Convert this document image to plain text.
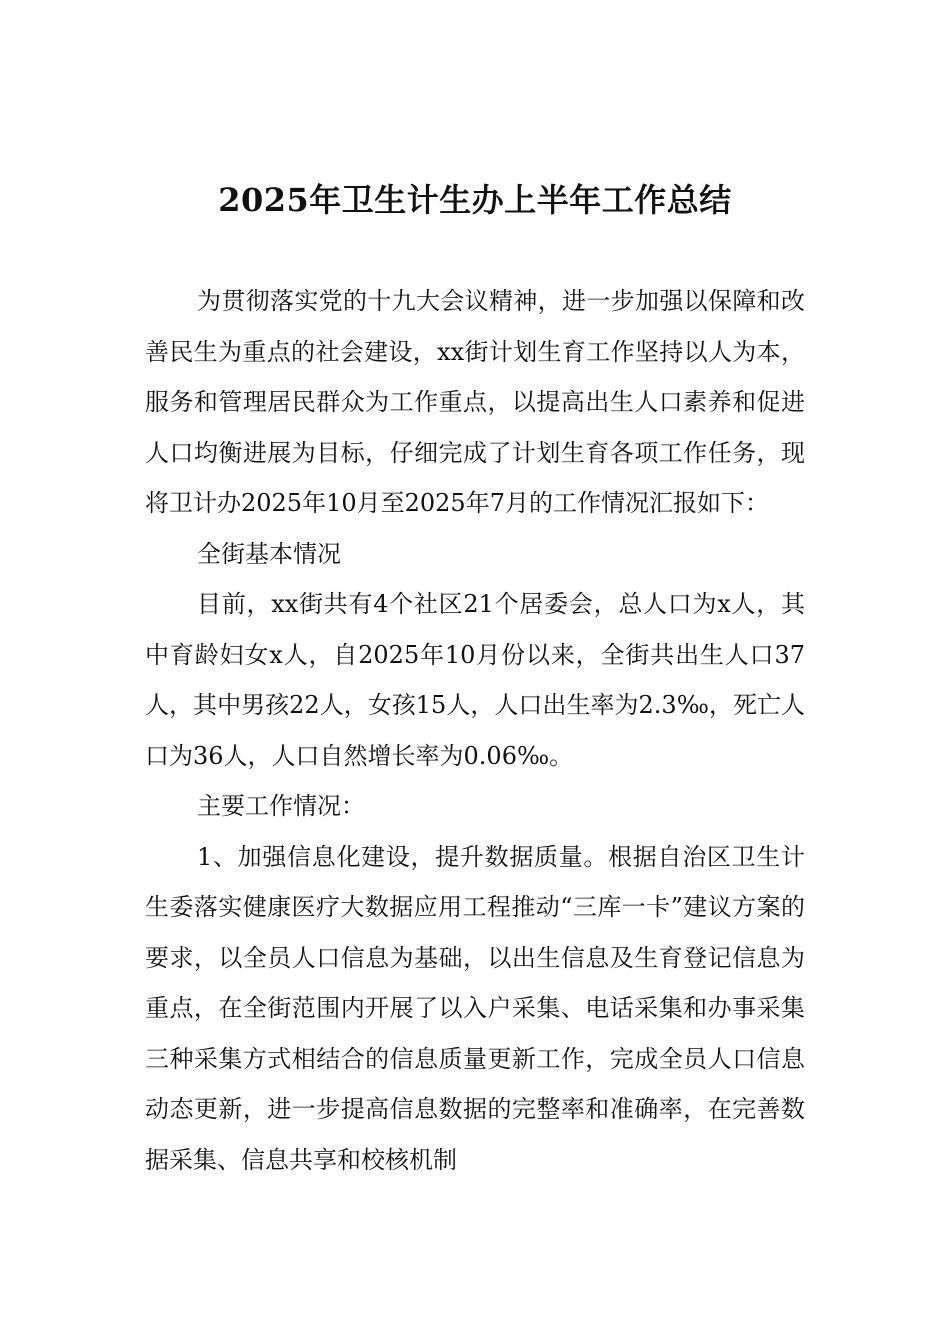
2025年卫生计生办上半年工作总结

为贯彻落实党的十九大会议精神，进一步加强以保障和改善民生为重点的社会建设，xx街计划生育工作坚持以人为本，服务和管理居民群众为工作重点，以提高出生人口素养和促进人口均衡进展为目标，仔细完成了计划生育各项工作任务，现将卫计办2025年10月至2025年7月的工作情况汇报如下：

全街基本情况

目前，xx街共有4个社区21个居委会，总人口为x人，其中育龄妇女x人，自2025年10月份以来，全街共出生人口37人，其中男孩22人，女孩15人，人口出生率为2.3‰，死亡人口为36人，人口自然增长率为0.06‰。

主要工作情况：

1、加强信息化建设，提升数据质量。根据自治区卫生计生委落实健康医疗大数据应用工程推动“三库一卡”建议方案的要求，以全员人口信息为基础，以出生信息及生育登记信息为重点，在全街范围内开展了以入户采集、电话采集和办事采集三种采集方式相结合的信息质量更新工作，完成全员人口信息动态更新，进一步提高信息数据的完整率和准确率，在完善数据采集、信息共享和校核机制
